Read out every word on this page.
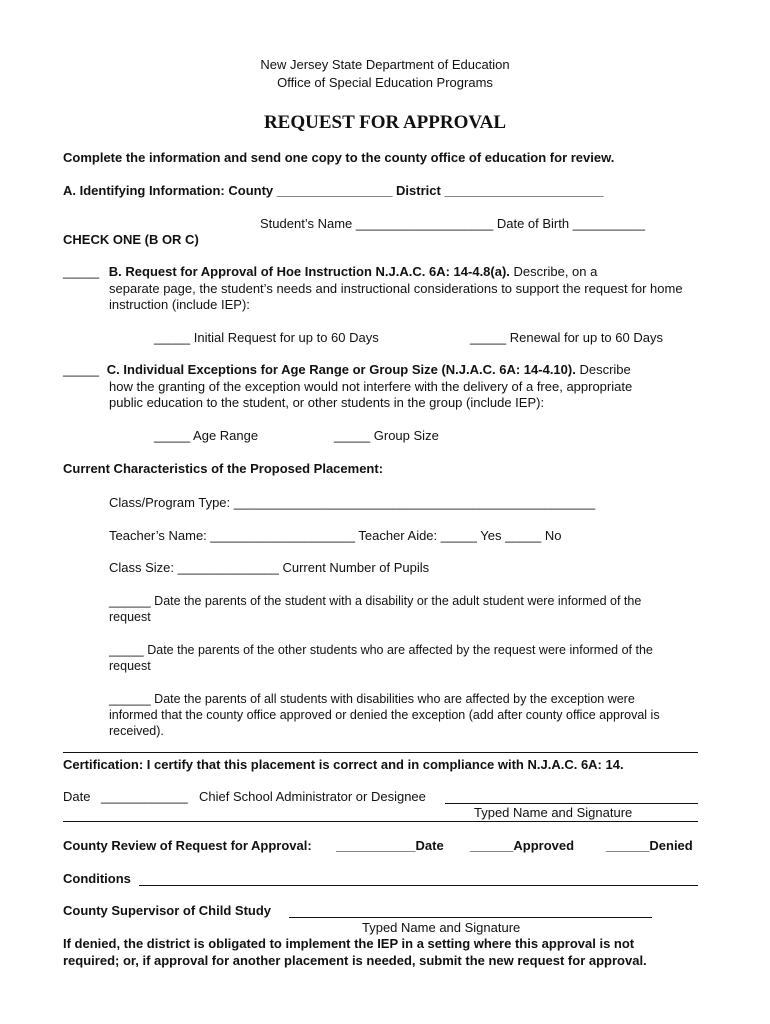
New Jersey State Department of Education
Office of Special Education Programs
REQUEST FOR APPROVAL
Complete the information and send one copy to the county office of education for review.
A. Identifying Information: County ________________ District ______________________
Student’s Name ___________________ Date of Birth __________
CHECK ONE (B OR C)
_____ B. Request for Approval of Hoe Instruction N.J.A.C. 6A: 14-4.8(a). Describe, on a
separate page, the student’s needs and instructional considerations to support the request for home
instruction (include IEP):
_____ Initial Request for up to 60 Days	_____ Renewal for up to 60 Days
_____ C. Individual Exceptions for Age Range or Group Size (N.J.A.C. 6A: 14-4.10). Describe
how the granting of the exception would not interfere with the delivery of a free, appropriate
public education to the student, or other students in the group (include IEP):
_____ Age Range	_____ Group Size
Current Characteristics of the Proposed Placement:
Class/Program Type: __________________________________________________
Teacher’s Name: ____________________ Teacher Aide: _____ Yes _____ No
Class Size: ______________ Current Number of Pupils
______ Date the parents of the student with a disability or the adult student were informed of the
request
_____ Date the parents of the other students who are affected by the request were informed of the
request
______ Date the parents of all students with disabilities who are affected by the exception were
informed that the county office approved or denied the exception (add after county office approval is
received).
Certification: I certify that this placement is correct and in compliance with N.J.A.C. 6A: 14.
Date ____________ Chief School Administrator or Designee
Typed Name and Signature
County Review of Request for Approval: ___________Date ______Approved ______Denied
Conditions
County Supervisor of Child Study
Typed Name and Signature
If denied, the district is obligated to implement the IEP in a setting where this approval is not
required; or, if approval for another placement is needed, submit the new request for approval.
